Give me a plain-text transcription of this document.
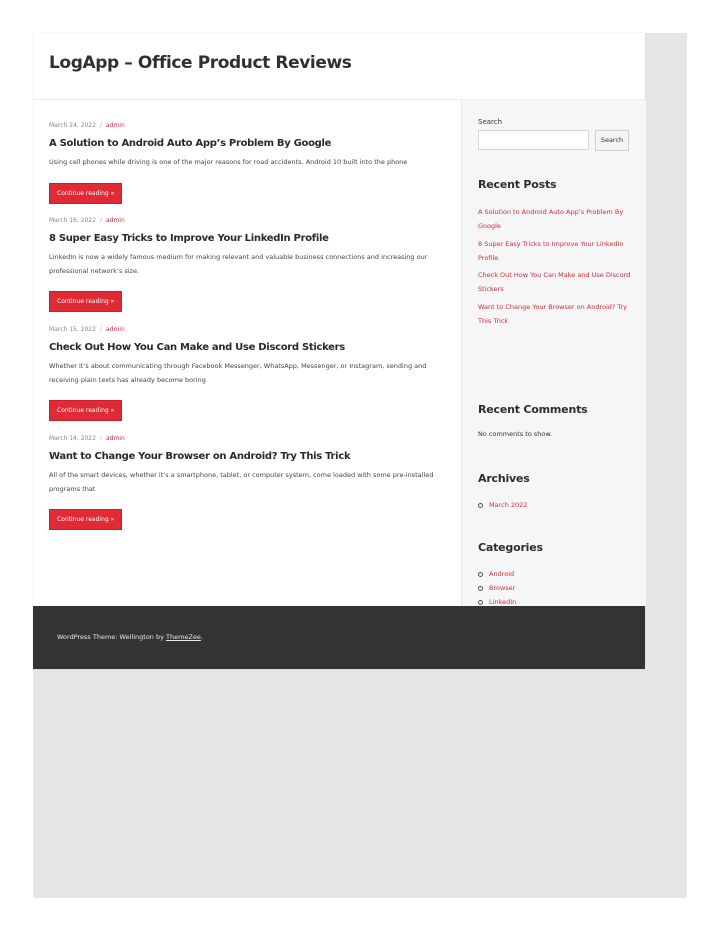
LogApp – Office Product Reviews
March 24, 2022 / admin
A Solution to Android Auto App’s Problem By Google

Using cell phones while driving is one of the major reasons for road accidents. Android 10 built into the phone

Continue reading »
March 16, 2022 / admin
8 Super Easy Tricks to Improve Your LinkedIn Profile

LinkedIn is now a widely famous medium for making relevant and valuable business connections and increasing our professional network’s size.

Continue reading »
March 15, 2022 / admin
Check Out How You Can Make and Use Discord Stickers

Whether it’s about communicating through Facebook Messenger, WhatsApp, Messenger, or Instagram, sending and receiving plain texts has already become boring

Continue reading »
March 14, 2022 / admin
Want to Change Your Browser on Android? Try This Trick

All of the smart devices, whether it’s a smartphone, tablet, or computer system, come loaded with some pre-installed programs that

Continue reading »
Search
Search
Recent Posts
A Solution to Android Auto App’s Problem By Google
8 Super Easy Tricks to Improve Your LinkedIn Profile
Check Out How You Can Make and Use Discord Stickers
Want to Change Your Browser on Android? Try This Trick
Recent Comments
No comments to show.
Archives
March 2022
Categories
Android
Browser
LinkedIn
WordPress Theme: Wellington by ThemeZee.
